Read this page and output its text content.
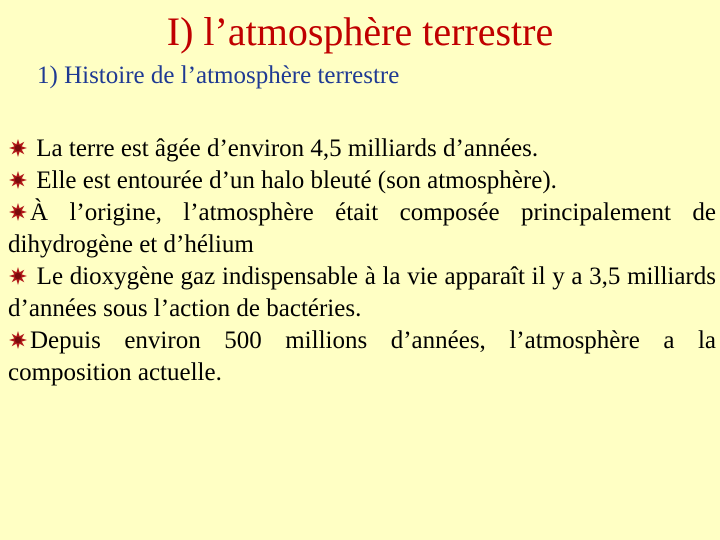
I) l’atmosphère terrestre
1) Histoire de l’atmosphère terrestre
La terre est âgée d’environ 4,5 milliards d’années.
Elle est entourée d’un halo bleuté (son atmosphère).
À l’origine, l’atmosphère était composée principalement de dihydrogène et d’hélium
Le dioxygène gaz indispensable à la vie apparaît il y a 3,5 milliards d’années sous l’action de bactéries.
Depuis environ 500 millions d’années, l’atmosphère a la composition actuelle.
